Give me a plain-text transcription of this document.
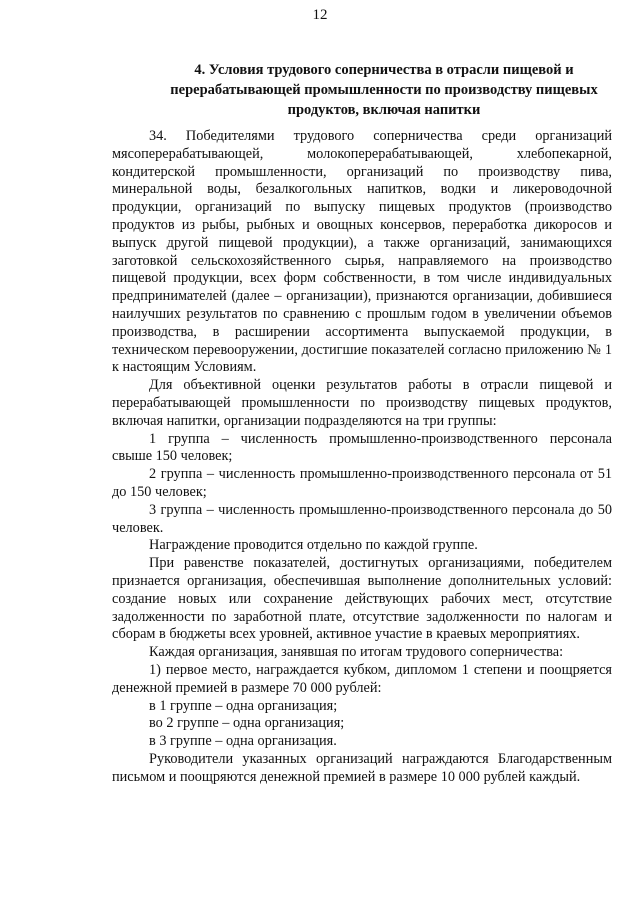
12
4. Условия трудового соперничества в отрасли пищевой и перерабатывающей промышленности по производству пищевых продуктов, включая напитки

34. Победителями трудового соперничества среди организаций мясоперерабатывающей, молокоперерабатывающей, хлебопекарной, кондитерской промышленности, организаций по производству пива, минеральной воды, безалкогольных напитков, водки и ликероводочной продукции, организаций по выпуску пищевых продуктов (производство продуктов из рыбы, рыбных и овощных консервов, переработка дикоросов и выпуск другой пищевой продукции), а также организаций, занимающихся заготовкой сельскохозяйственного сырья, направляемого на производство пищевой продукции, всех форм собственности, в том числе индивидуальных предпринимателей (далее – организации), признаются организации, добившиеся наилучших результатов по сравнению с прошлым годом в увеличении объемов производства, в расширении ассортимента выпускаемой продукции, в техническом перевооружении, достигшие показателей согласно приложению № 1 к настоящим Условиям.

Для объективной оценки результатов работы в отрасли пищевой и перерабатывающей промышленности по производству пищевых продуктов, включая напитки, организации подразделяются на три группы:

1 группа – численность промышленно-производственного персонала свыше 150 человек;

2 группа – численность промышленно-производственного персонала от 51 до 150 человек;

3 группа – численность промышленно-производственного персонала до 50 человек.

Награждение проводится отдельно по каждой группе.

При равенстве показателей, достигнутых организациями, победителем признается организация, обеспечившая выполнение дополнительных условий: создание новых или сохранение действующих рабочих мест, отсутствие задолженности по заработной плате, отсутствие задолженности по налогам и сборам в бюджеты всех уровней, активное участие в краевых мероприятиях.

Каждая организация, занявшая по итогам трудового соперничества:

1) первое место, награждается кубком, дипломом 1 степени и поощряется денежной премией в размере 70 000 рублей:

в 1 группе – одна организация;

во 2 группе – одна организация;

в 3 группе – одна организация.

Руководители указанных организаций награждаются Благодарственным письмом и поощряются денежной премией в размере 10 000 рублей каждый.
